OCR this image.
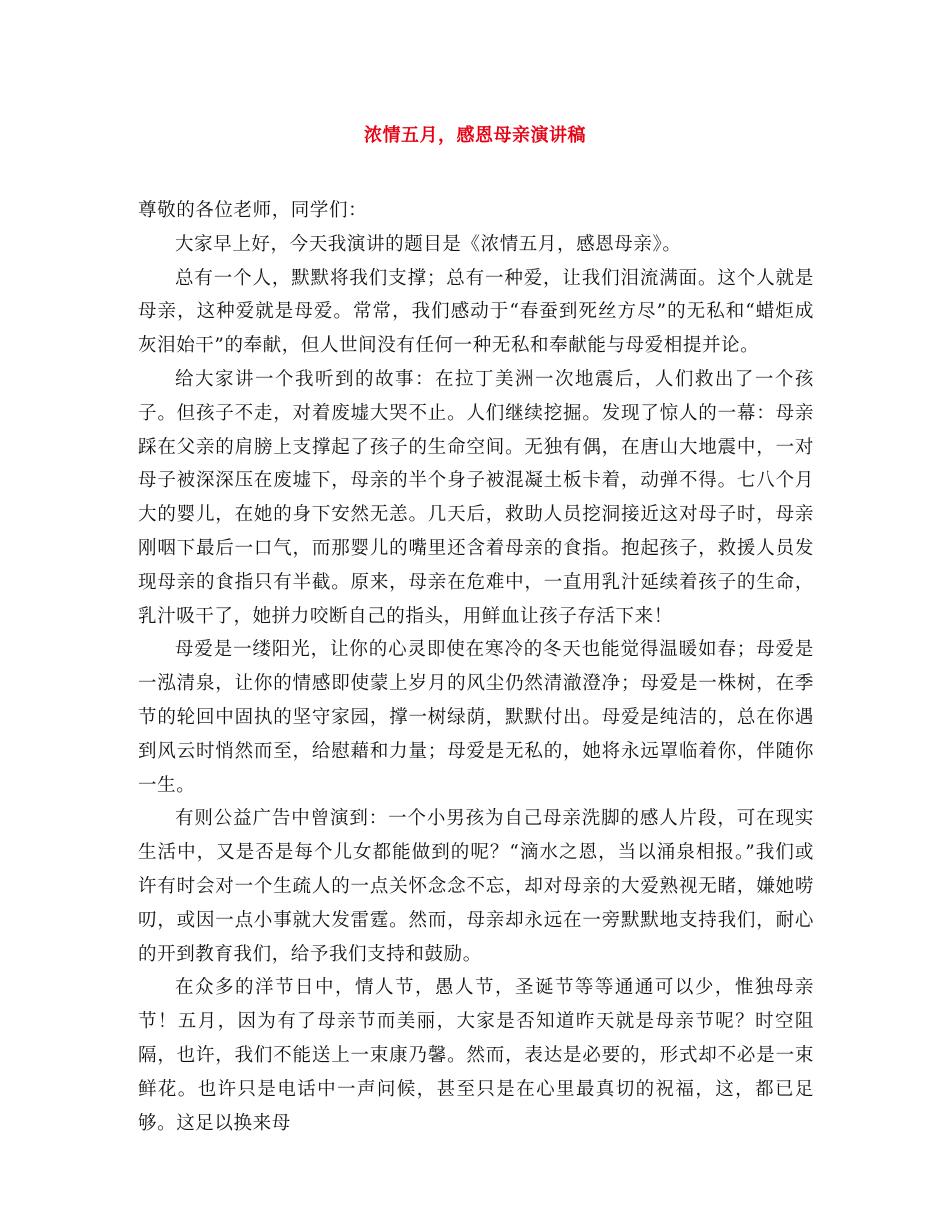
浓情五月，感恩母亲演讲稿

尊敬的各位老师，同学们：

大家早上好，今天我演讲的题目是《浓情五月，感恩母亲》。

总有一个人，默默将我们支撑；总有一种爱，让我们泪流满面。这个人就是母亲，这种爱就是母爱。常常，我们感动于“春蚕到死丝方尽”的无私和“蜡炬成灰泪始干”的奉献，但人世间没有任何一种无私和奉献能与母爱相提并论。

给大家讲一个我听到的故事：在拉丁美洲一次地震后，人们救出了一个孩子。但孩子不走，对着废墟大哭不止。人们继续挖掘。发现了惊人的一幕：母亲踩在父亲的肩膀上支撑起了孩子的生命空间。无独有偶，在唐山大地震中，一对母子被深深压在废墟下，母亲的半个身子被混凝土板卡着，动弹不得。七八个月大的婴儿，在她的身下安然无恙。几天后，救助人员挖洞接近这对母子时，母亲刚咽下最后一口气，而那婴儿的嘴里还含着母亲的食指。抱起孩子，救援人员发现母亲的食指只有半截。原来，母亲在危难中，一直用乳汁延续着孩子的生命，乳汁吸干了，她拼力咬断自己的指头，用鲜血让孩子存活下来！

母爱是一缕阳光，让你的心灵即使在寒冷的冬天也能觉得温暖如春；母爱是一泓清泉，让你的情感即使蒙上岁月的风尘仍然清澈澄净；母爱是一株树，在季节的轮回中固执的坚守家园，撑一树绿荫，默默付出。母爱是纯洁的，总在你遇到风云时悄然而至，给慰藉和力量；母爱是无私的，她将永远罩临着你，伴随你一生。

有则公益广告中曾演到：一个小男孩为自己母亲洗脚的感人片段，可在现实生活中，又是否是每个儿女都能做到的呢？“滴水之恩，当以涌泉相报。”我们或许有时会对一个生疏人的一点关怀念念不忘，却对母亲的大爱熟视无睹，嫌她唠叨，或因一点小事就大发雷霆。然而，母亲却永远在一旁默默地支持我们，耐心的开到教育我们，给予我们支持和鼓励。

在众多的洋节日中，情人节，愚人节，圣诞节等等通通可以少，惟独母亲节！五月，因为有了母亲节而美丽，大家是否知道昨天就是母亲节呢？时空阻隔，也许，我们不能送上一束康乃馨。然而，表达是必要的，形式却不必是一束鲜花。也许只是电话中一声问候，甚至只是在心里最真切的祝福，这，都已足够。这足以换来母
